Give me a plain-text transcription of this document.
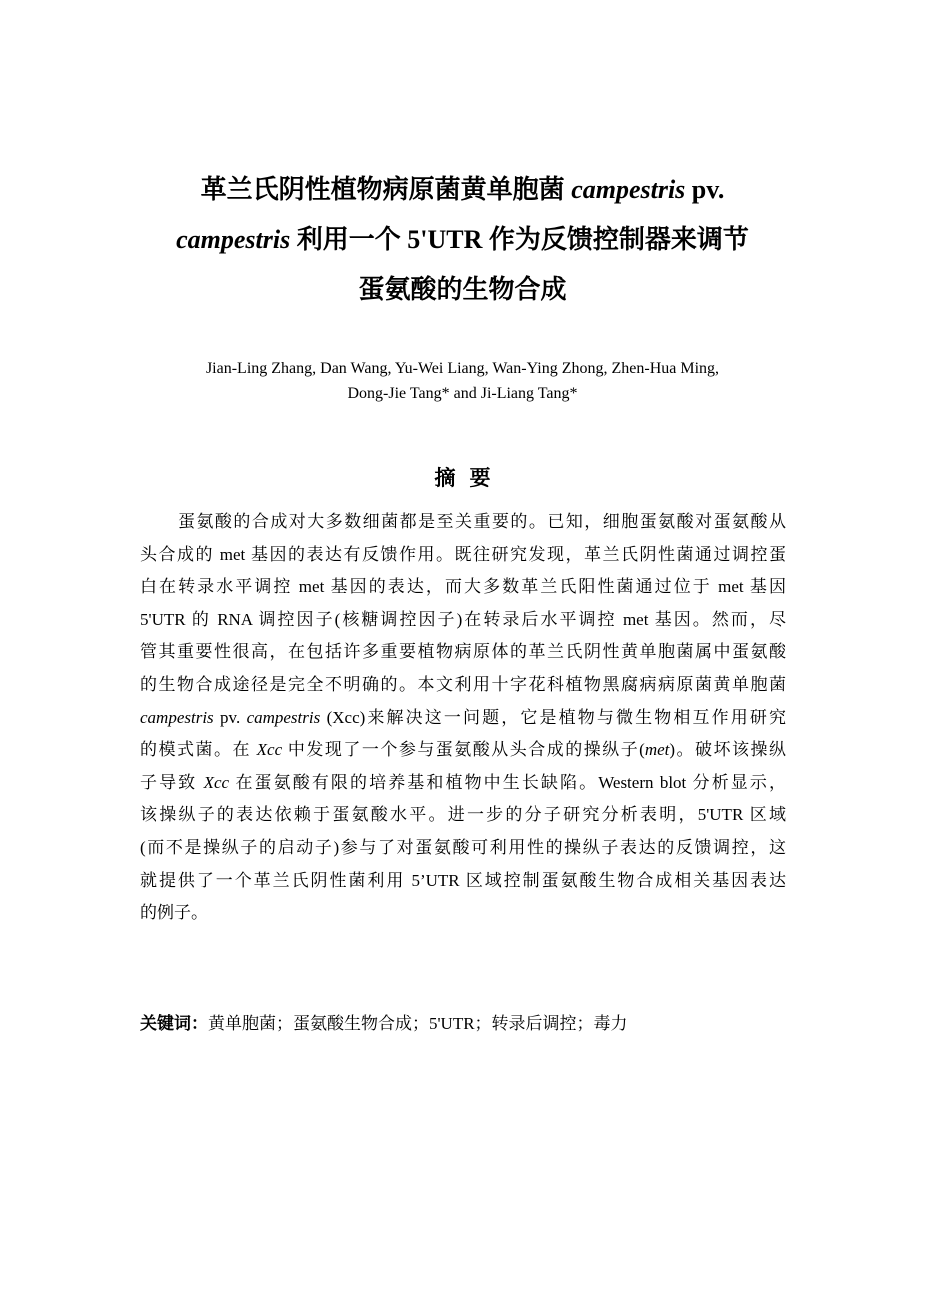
革兰氏阴性植物病原菌黄单胞菌 campestris pv.
campestris 利用一个 5'UTR 作为反馈控制器来调节
蛋氨酸的生物合成
Jian-Ling Zhang, Dan Wang, Yu-Wei Liang, Wan-Ying Zhong, Zhen-Hua Ming,
Dong-Jie Tang* and Ji-Liang Tang*
摘要
蛋氨酸的合成对大多数细菌都是至关重要的。已知，细胞蛋氨酸对蛋氨酸从
头合成的 met 基因的表达有反馈作用。既往研究发现，革兰氏阴性菌通过调控蛋
白在转录水平调控 met 基因的表达，而大多数革兰氏阳性菌通过位于 met 基因
5'UTR 的 RNA 调控因子(核糖调控因子)在转录后水平调控 met 基因。然而，尽
管其重要性很高，在包括许多重要植物病原体的革兰氏阴性黄单胞菌属中蛋氨酸
的生物合成途径是完全不明确的。本文利用十字花科植物黑腐病病原菌黄单胞菌
campestris pv. campestris (Xcc)来解决这一问题，它是植物与微生物相互作用研究
的模式菌。在 Xcc 中发现了一个参与蛋氨酸从头合成的操纵子(met)。破坏该操纵
子导致 Xcc 在蛋氨酸有限的培养基和植物中生长缺陷。Western blot 分析显示，
该操纵子的表达依赖于蛋氨酸水平。进一步的分子研究分析表明，5'UTR 区域
(而不是操纵子的启动子)参与了对蛋氨酸可利用性的操纵子表达的反馈调控，这
就提供了一个革兰氏阴性菌利用 5’UTR 区域控制蛋氨酸生物合成相关基因表达
的例子。
关键词：黄单胞菌；蛋氨酸生物合成；5'UTR；转录后调控；毒力
